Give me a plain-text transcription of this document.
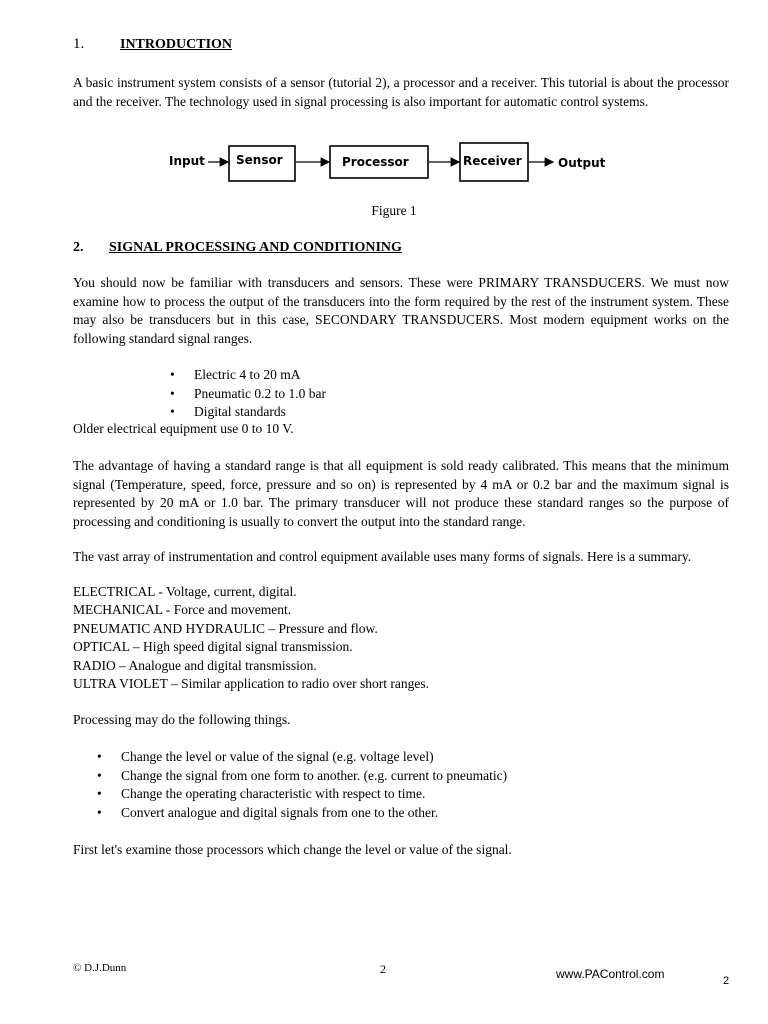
1.	INTRODUCTION

A basic instrument system consists of a sensor (tutorial 2), a processor and a receiver. This tutorial is about the processor and the receiver. The technology used in signal processing is also important for automatic control systems.

Input	Sensor	Processor	Receiver	Output
Figure 1
2. SIGNAL PROCESSING AND CONDITIONING

You should now be familiar with transducers and sensors. These were PRIMARY TRANSDUCERS. We must now examine how to process the output of the transducers into the form required by the rest of the instrument system. These may also be transducers but in this case, SECONDARY TRANSDUCERS. Most modern equipment works on the following standard signal ranges.

• Electric 4 to 20 mA
• Pneumatic 0.2 to 1.0 bar
• Digital standards
Older electrical equipment use 0 to 10 V.

The advantage of having a standard range is that all equipment is sold ready calibrated. This means that the minimum signal (Temperature, speed, force, pressure and so on) is represented by 4 mA or 0.2 bar and the maximum signal is represented by 20 mA or 1.0 bar. The primary transducer will not produce these standard ranges so the purpose of processing and conditioning is usually to convert the output into the standard range.

The vast array of instrumentation and control equipment available uses many forms of signals. Here is a summary.

ELECTRICAL - Voltage, current, digital.
MECHANICAL - Force and movement.
PNEUMATIC AND HYDRAULIC – Pressure and flow.
OPTICAL – High speed digital signal transmission.
RADIO – Analogue and digital transmission.
ULTRA VIOLET – Similar application to radio over short ranges.
Processing may do the following things.
• Change the level or value of the signal (e.g. voltage level)
• Change the signal from one form to another. (e.g. current to pneumatic)
• Change the operating characteristic with respect to time.
• Convert analogue and digital signals from one to the other.
First let's examine those processors which change the level or value of the signal.
© D.J.Dunn	2	www.PAControl.com	2
